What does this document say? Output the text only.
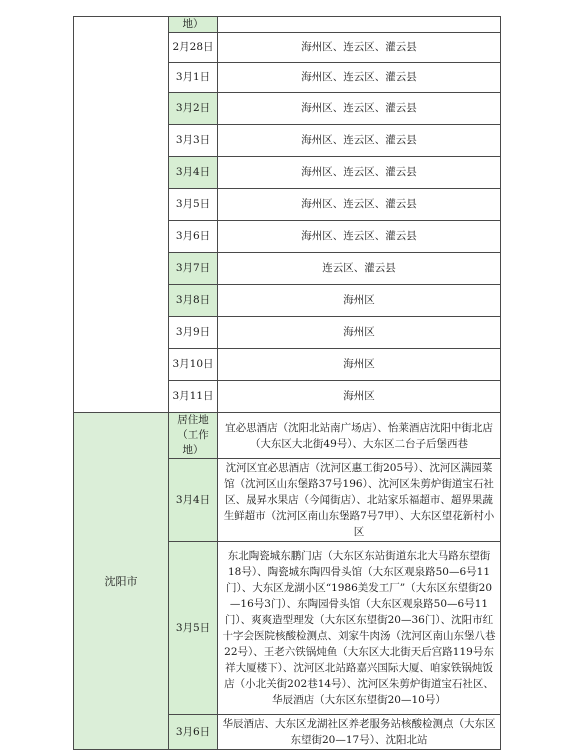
	地）	
	2月28日	海州区、连云区、灌云县
	3月1日	海州区、连云区、灌云县
	3月2日	海州区、连云区、灌云县
	3月3日	海州区、连云区、灌云县
	3月4日	海州区、连云区、灌云县
	3月5日	海州区、连云区、灌云县
	3月6日	海州区、连云区、灌云县
	3月7日	连云区、灌云县
	3月8日	海州区
	3月9日	海州区
	3月10日	海州区
	3月11日	海州区
沈阳市	居住地（工作地）	宜必思酒店（沈阳北站南广场店）、怡莱酒店沈阳中街北店（大东区大北街49号）、大东区二台子后堡西巷
	3月4日	沈河区宜必思酒店（沈河区惠工街205号）、沈河区满园菜馆（沈河区山东堡路37号196）、沈河区朱剪炉街道宝石社区、晟昇水果店（今闻街店）、北站家乐福超市、超界果蔬生鲜超市（沈河区南山东堡路7号7甲）、大东区望花新村小区
	3月5日	东北陶瓷城东鹏门店（大东区东站街道东北大马路东望街18号）、陶瓷城东陶四骨头馆（大东区观泉路50—6号11门）、大东区龙湖小区“1986美发工厂”（大东区东望街20—16号3门）、东陶园骨头馆（大东区观泉路50—6号11门）、爽爽造型理发（大东区东望街20—36门）、沈阳市红十字会医院核酸检测点、刘家牛肉汤（沈河区南山东堡八巷22号）、王老六铁锅炖鱼（大东区大北街天后宫路119号东祥大厦楼下）、沈河区北站路嘉兴国际大厦、咱家铁锅炖饭店（小北关街202巷14号）、沈河区朱剪炉街道宝石社区、华辰酒店（大东区东望街20—10号）
	3月6日	华辰酒店、大东区龙湖社区养老服务站核酸检测点（大东区东望街20—17号）、沈阳北站
